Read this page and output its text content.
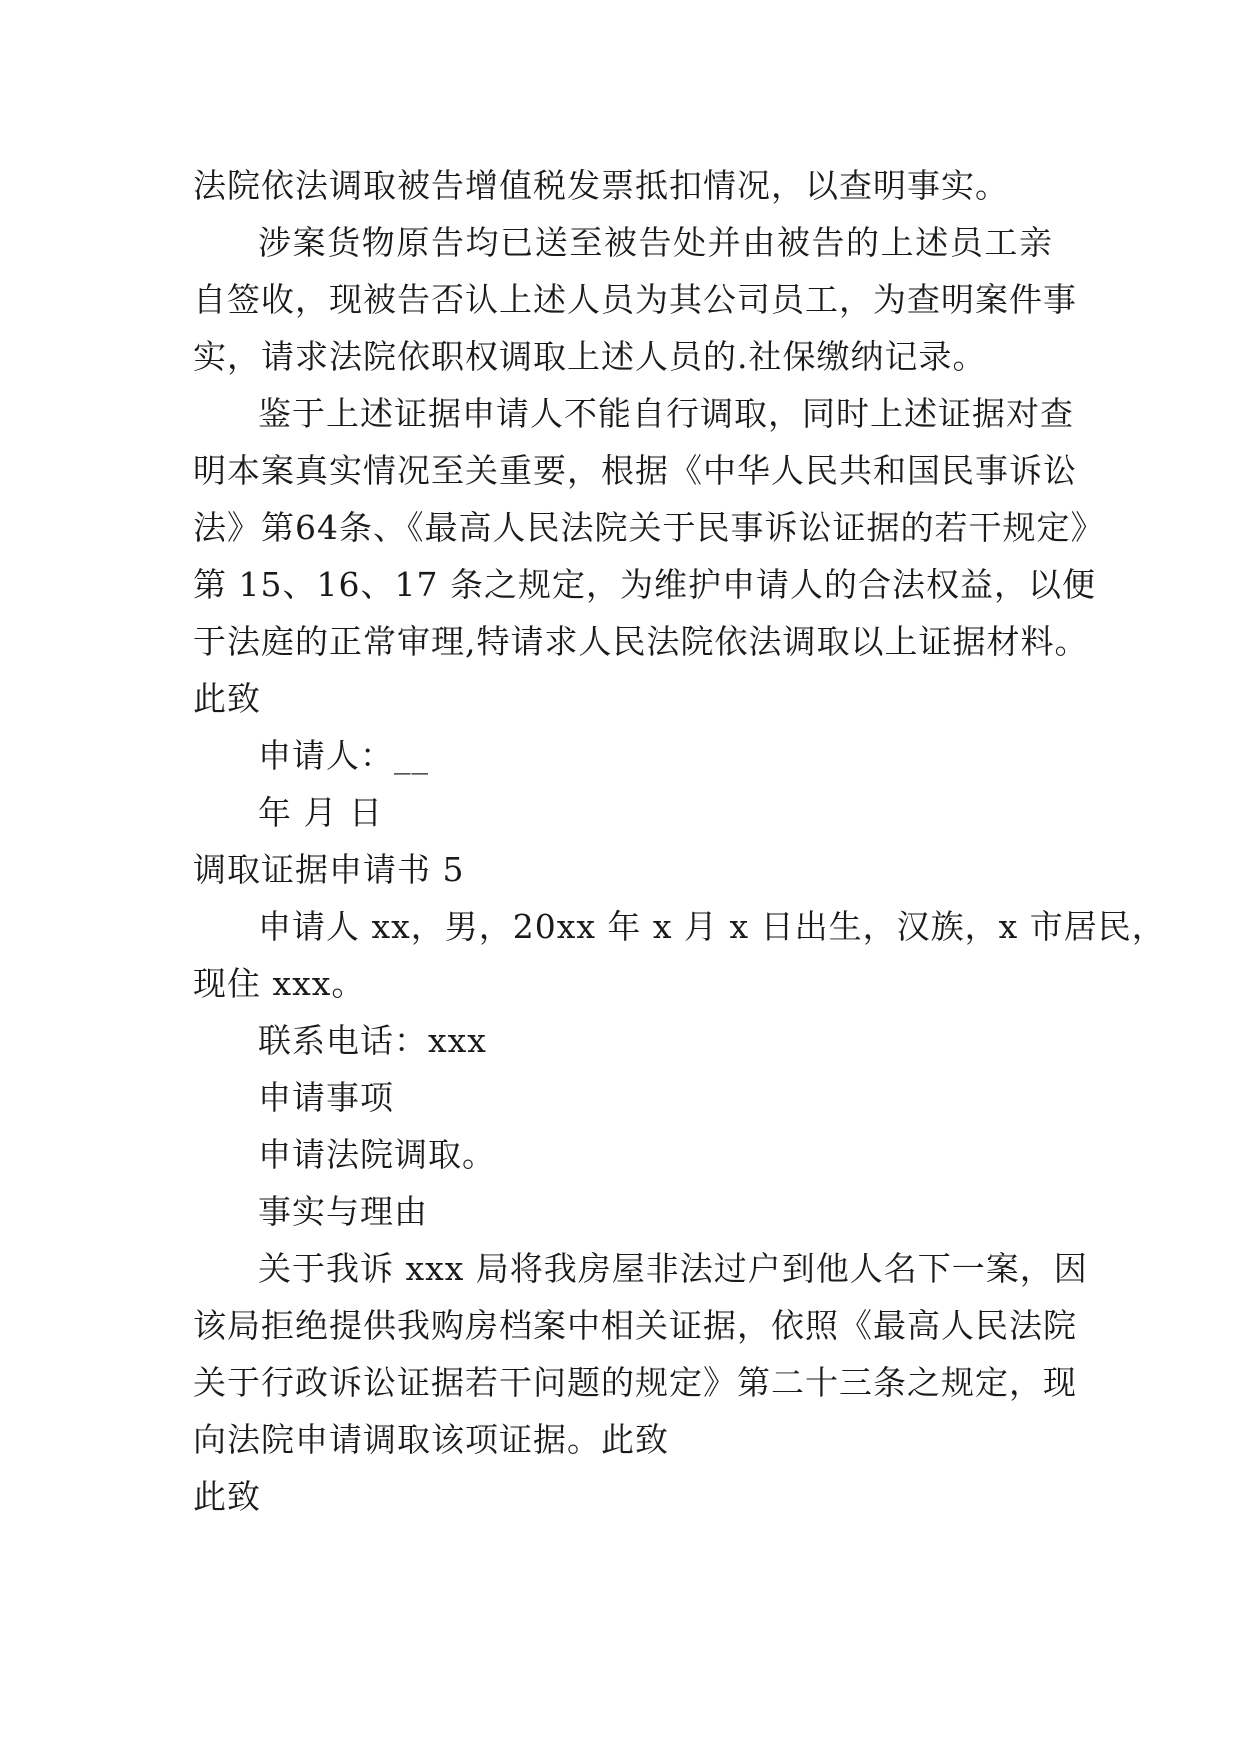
法院依法调取被告增值税发票抵扣情况，以查明事实。
涉案货物原告均已送至被告处并由被告的上述员工亲
自签收，现被告否认上述人员为其公司员工，为查明案件事
实，请求法院依职权调取上述人员的.社保缴纳记录。
鉴于上述证据申请人不能自行调取，同时上述证据对查
明本案真实情况至关重要，根据《中华人民共和国民事诉讼
法》第64条、《最高人民法院关于民事诉讼证据的若干规定》
第 15、16、17 条之规定，为维护申请人的合法权益，以便
于法庭的正常审理,特请求人民法院依法调取以上证据材料。
此致
申请人：__
年 月 日
调取证据申请书 5
申请人 xx，男，20xx 年 x 月 x 日出生，汉族，x 市居民，
现住 xxx。
联系电话：xxx
申请事项
申请法院调取。
事实与理由
关于我诉 xxx 局将我房屋非法过户到他人名下一案，因
该局拒绝提供我购房档案中相关证据，依照《最高人民法院
关于行政诉讼证据若干问题的规定》第二十三条之规定，现
向法院申请调取该项证据。此致
此致
